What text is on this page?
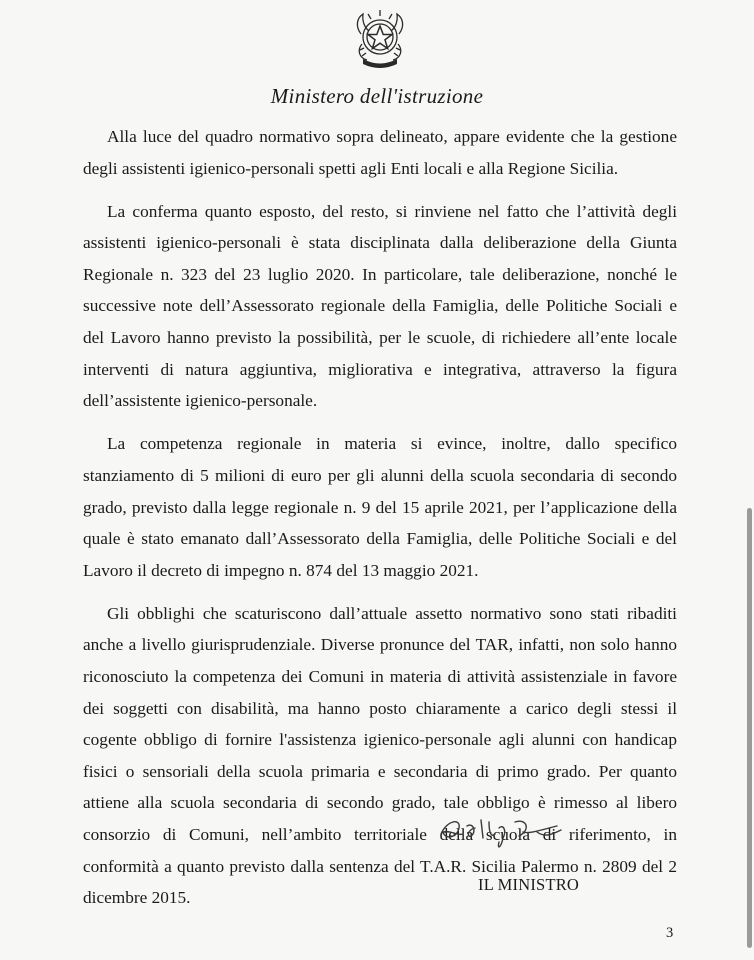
Ministero dell'istruzione

Alla luce del quadro normativo sopra delineato, appare evidente che la gestione degli assistenti igienico-personali spetti agli Enti locali e alla Regione Sicilia.

La conferma quanto esposto, del resto, si rinviene nel fatto che l’attività degli assistenti igienico-personali è stata disciplinata dalla deliberazione della Giunta Regionale n. 323 del 23 luglio 2020. In particolare, tale deliberazione, nonché le successive note dell’Assessorato regionale della Famiglia, delle Politiche Sociali e del Lavoro hanno previsto la possibilità, per le scuole, di richiedere all’ente locale interventi di natura aggiuntiva, migliorativa e integrativa, attraverso la figura dell’assistente igienico-personale.

La competenza regionale in materia si evince, inoltre, dallo specifico stanziamento di 5 milioni di euro per gli alunni della scuola secondaria di secondo grado, previsto dalla legge regionale n. 9 del 15 aprile 2021, per l’applicazione della quale è stato emanato dall’Assessorato della Famiglia, delle Politiche Sociali e del Lavoro il decreto di impegno n. 874 del 13 maggio 2021.

Gli obblighi che scaturiscono dall’attuale assetto normativo sono stati ribaditi anche a livello giurisprudenziale. Diverse pronunce del TAR, infatti, non solo hanno riconosciuto la competenza dei Comuni in materia di attività assistenziale in favore dei soggetti con disabilità, ma hanno posto chiaramente a carico degli stessi il cogente obbligo di fornire l'assistenza igienico-personale agli alunni con handicap fisici o sensoriali della scuola primaria e secondaria di primo grado. Per quanto attiene alla scuola secondaria di secondo grado, tale obbligo è rimesso al libero consorzio di Comuni, nell’ambito territoriale della scuola di riferimento, in conformità a quanto previsto dalla sentenza del T.A.R. Sicilia Palermo n. 2809 del 2 dicembre 2015.

IL MINISTRO
3
